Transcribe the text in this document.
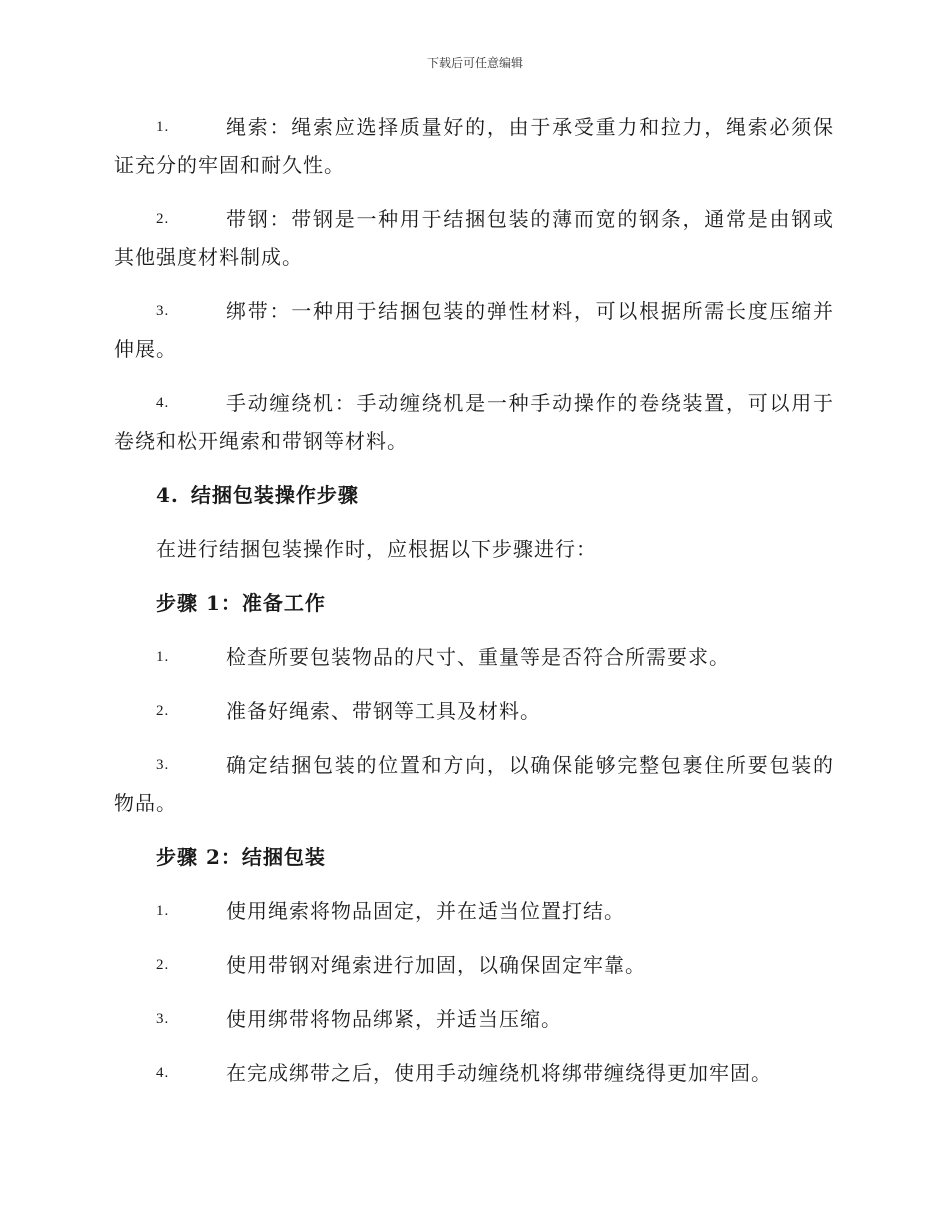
下载后可任意编辑
1.	绳索：绳索应选择质量好的，由于承受重力和拉力，绳索必须保证充分的牢固和耐久性。
2.	带钢：带钢是一种用于结捆包装的薄而宽的钢条，通常是由钢或其他强度材料制成。
3.	绑带：一种用于结捆包装的弹性材料，可以根据所需长度压缩并伸展。
4.	手动缠绕机：手动缠绕机是一种手动操作的卷绕装置，可以用于卷绕和松开绳索和带钢等材料。
4. 结捆包装操作步骤
在进行结捆包装操作时，应根据以下步骤进行：
步骤 1：准备工作
1.	检查所要包装物品的尺寸、重量等是否符合所需要求。
2.	准备好绳索、带钢等工具及材料。
3.	确定结捆包装的位置和方向，以确保能够完整包裹住所要包装的物品。
步骤 2：结捆包装
1.	使用绳索将物品固定，并在适当位置打结。
2.	使用带钢对绳索进行加固，以确保固定牢靠。
3.	使用绑带将物品绑紧，并适当压缩。
4.	在完成绑带之后，使用手动缠绕机将绑带缠绕得更加牢固。
